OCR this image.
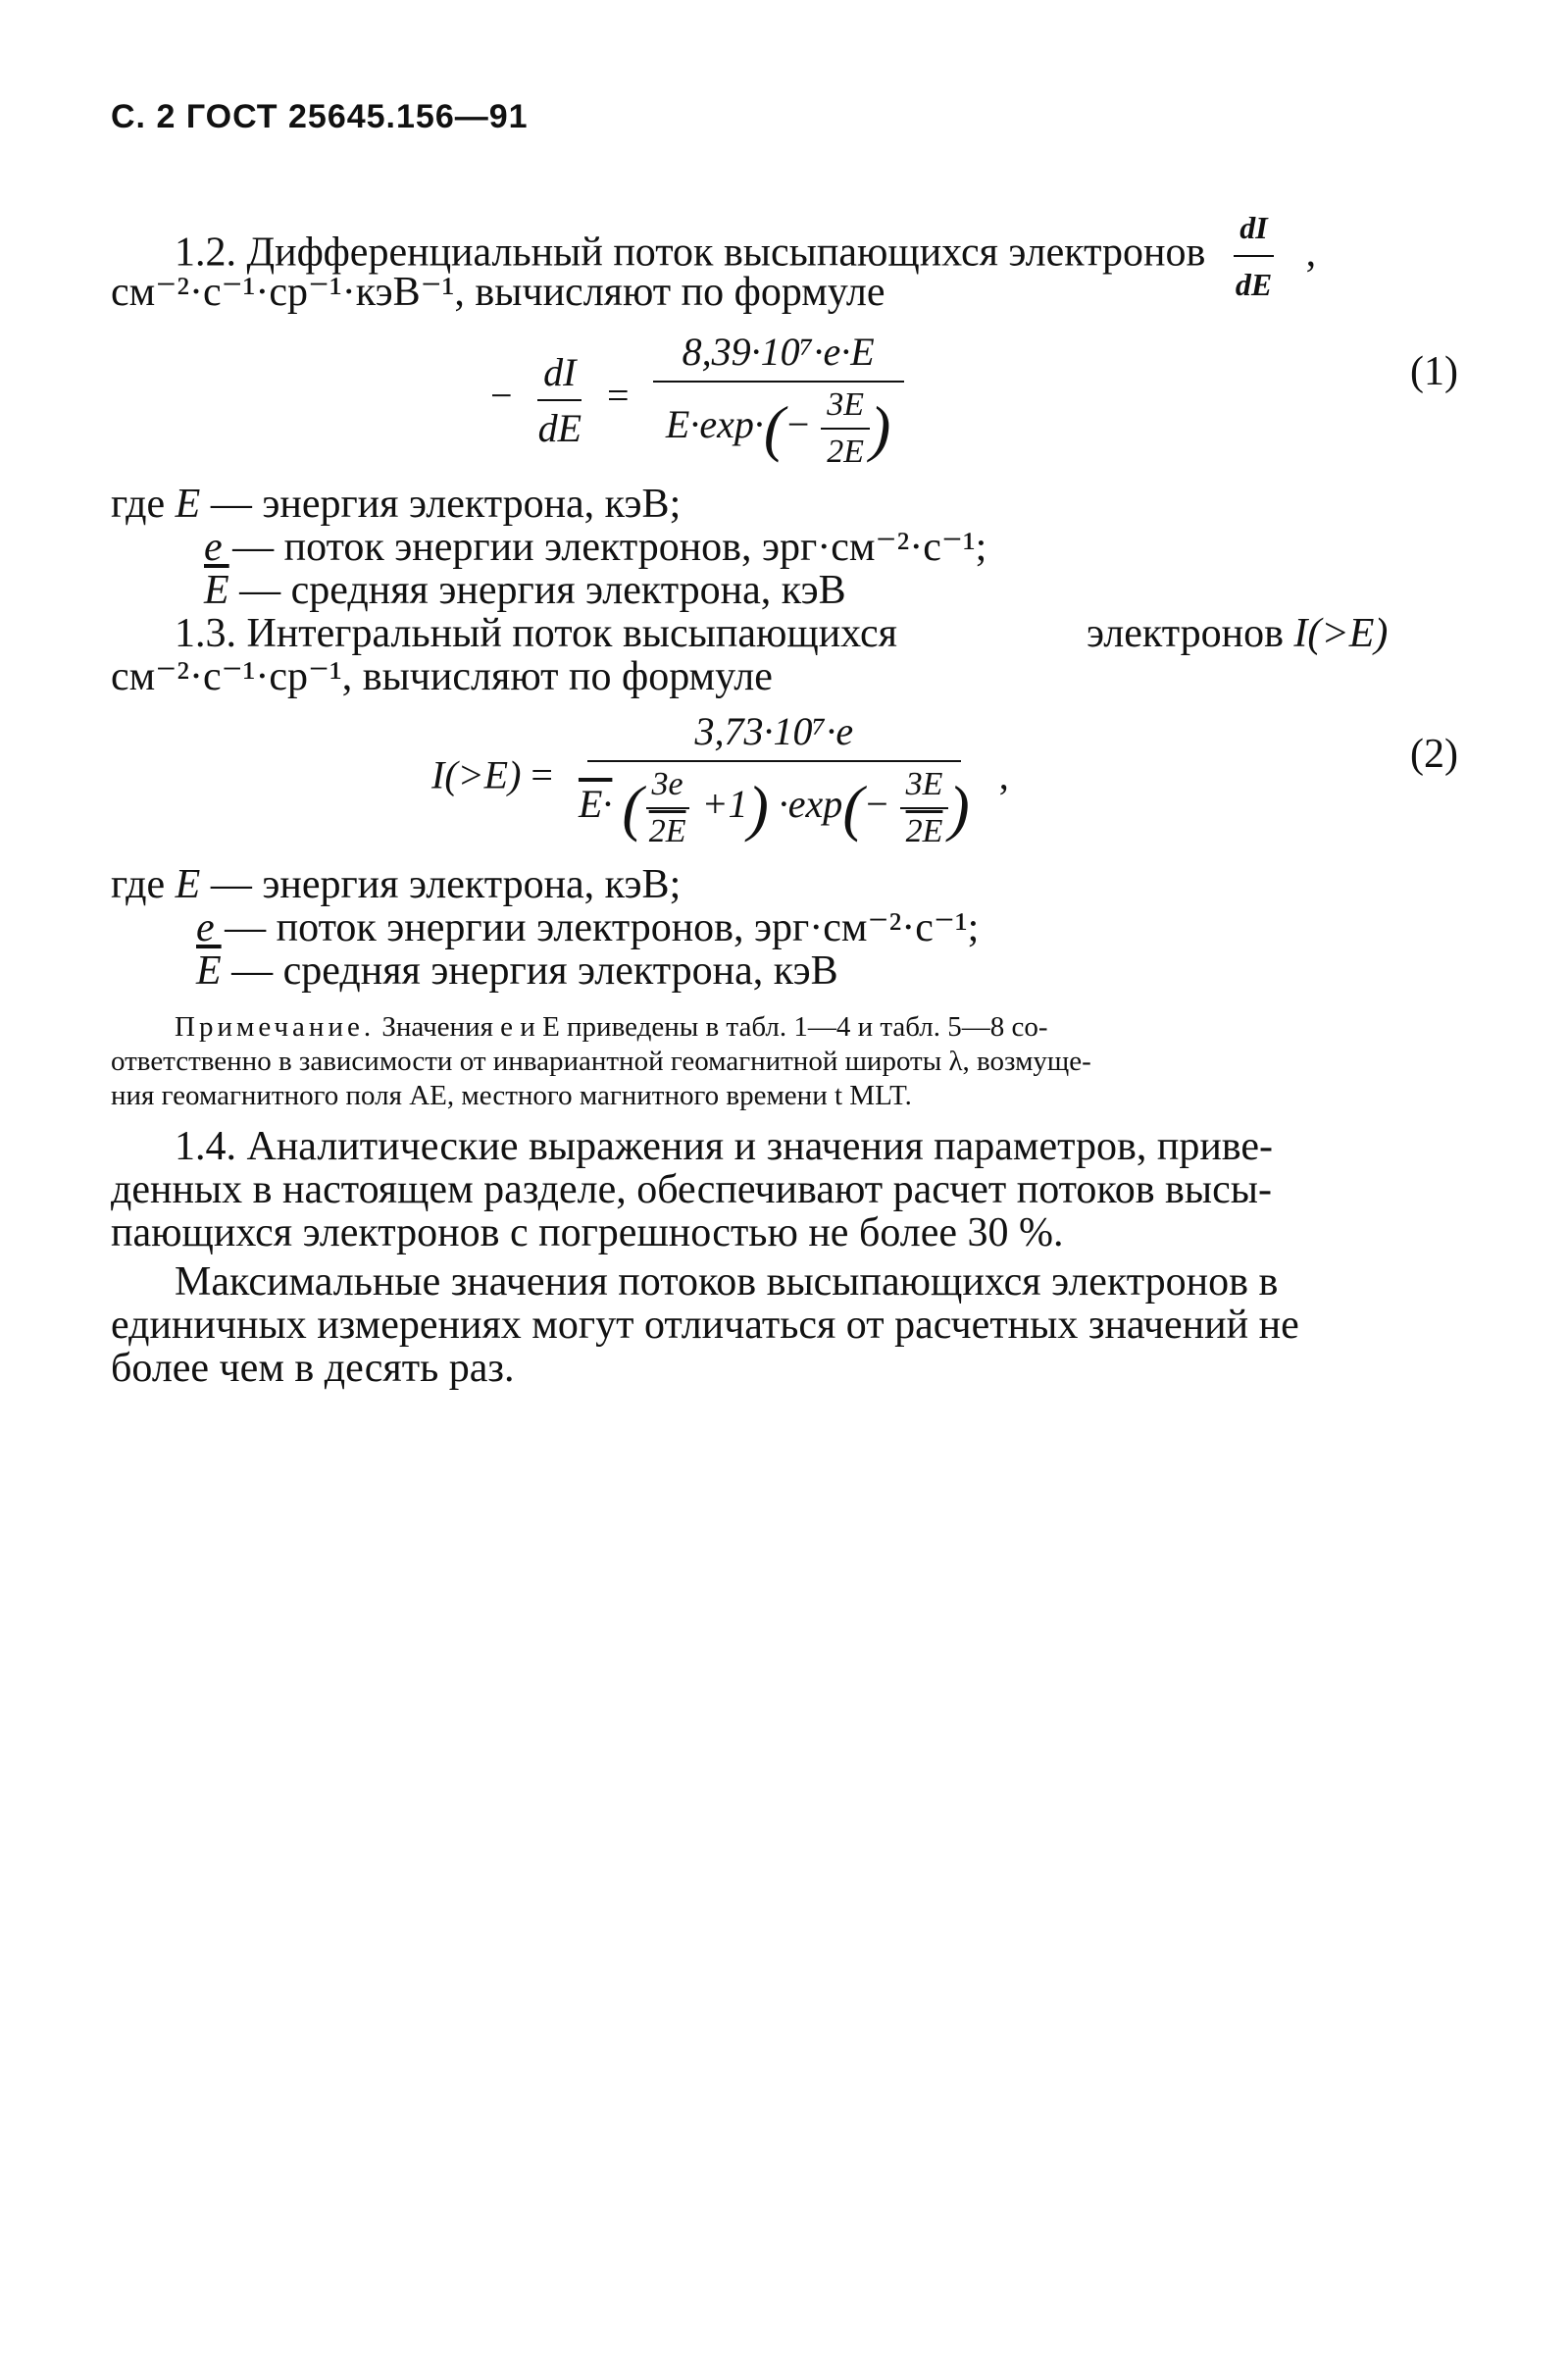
С. 2 ГОСТ 25645.156—91
1.2. Дифференциальный поток высыпающихся электронов $\frac{dI}{dE}$ ,
см⁻²·с⁻¹·ср⁻¹·кэВ⁻¹, вычисляют по формуле
− $\frac{dI}{dE} = \frac{\text{8,39·10⁷·e·E}}{E\cdot\exp\cdot(- \frac{3E}{2E} )}$	(1)
где E — энергия электрона, кэВ;
e — поток энергии электронов, эрг·см⁻²·с⁻¹;
$\overline{E}$ — средняя энергия электрона, кэВ
1.3. Интегральный поток высыпающихся	электронов I(>E)
см⁻²·с⁻¹·ср⁻¹, вычисляют по формуле
I(>E) =
3,73·10⁷·e
E· ( $\frac{3e}{2E} +1) \cdot\exp(- \frac{3E}{2E}$ ) ,	(2)
где E — энергия электрона, кэВ;
e — поток энергии электронов, эрг·см⁻²·с⁻¹;
$\overline{E}$ — средняя энергия электрона, кэВ
Примечание. Значения e и E приведены в табл. 1—4 и табл. 5—8 со-
ответственно в зависимости от инвариантной геомагнитной широты λ, возмуще-
ния геомагнитного поля AE, местного магнитного времени t MLT.
1.4. Аналитические выражения и значения параметров, приве-
денных в настоящем разделе, обеспечивают расчет потоков высы-
пающихся электронов с погрешностью не более 30 %.
Максимальные значения потоков высыпающихся электронов в
единичных измерениях могут отличаться от расчетных значений не
более чем в десять раз.
